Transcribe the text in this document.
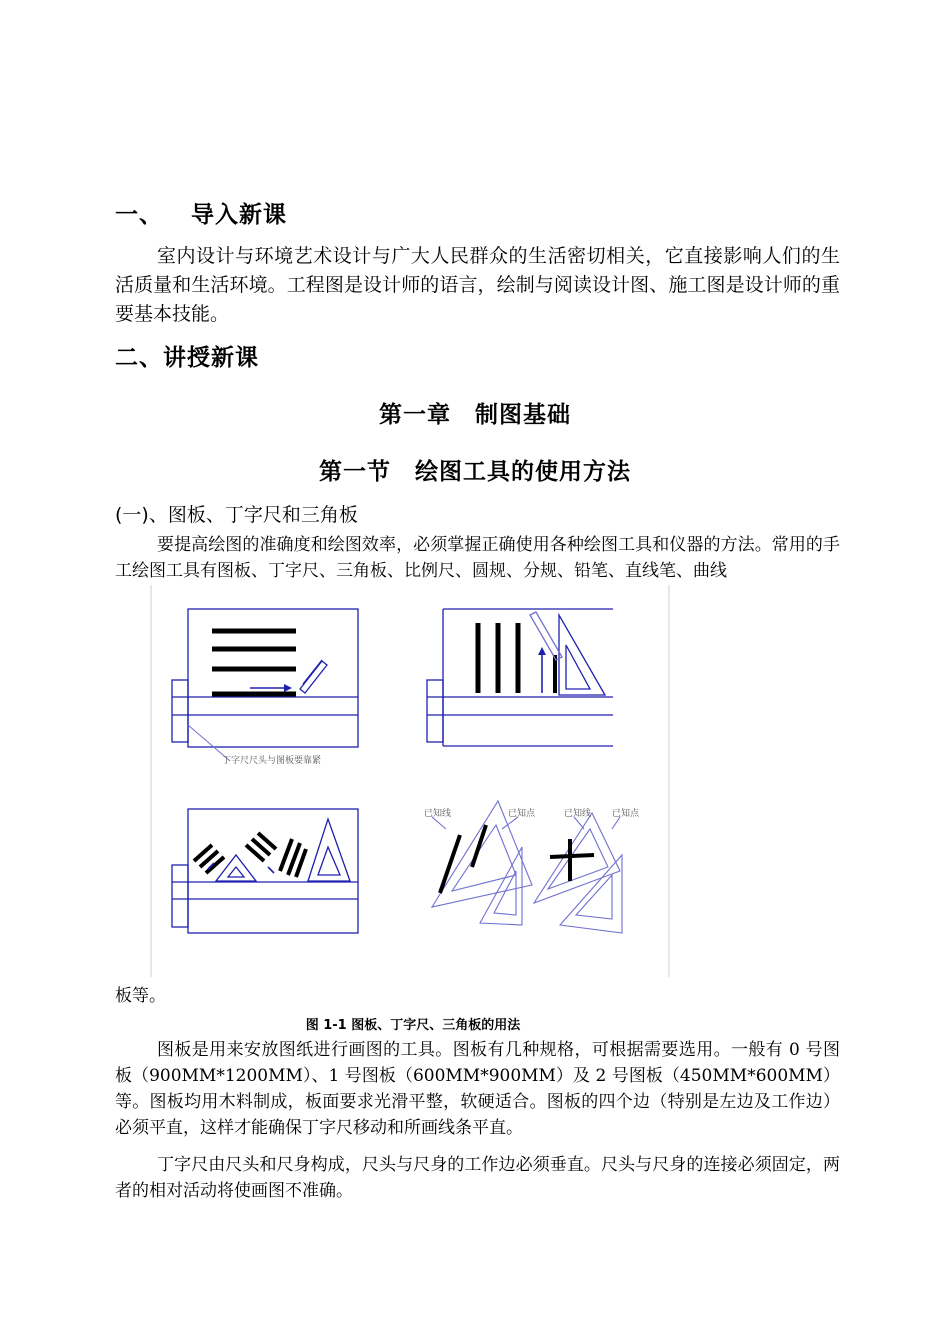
一、 导入新课
室内设计与环境艺术设计与广大人民群众的生活密切相关，它直接影响人们的生活质量和生活环境。工程图是设计师的语言，绘制与阅读设计图、施工图是设计师的重要基本技能。
二、讲授新课
第一章　制图基础
第一节　绘图工具的使用方法
(一)、图板、丁字尺和三角板
要提高绘图的准确度和绘图效率，必须掌握正确使用各种绘图工具和仪器的方法。常用的手工绘图工具有图板、丁字尺、三角板、比例尺、圆规、分规、铅笔、直线笔、曲线
丁字尺尺头与图板要靠紧
已知线	已知点	已知线 已知点
板等。
图 1-1 图板、丁字尺、三角板的用法
图板是用来安放图纸进行画图的工具。图板有几种规格，可根据需要选用。一般有 0 号图板（900MM*1200MM）、1 号图板（600MM*900MM）及 2 号图板（450MM*600MM）等。图板均用木料制成，板面要求光滑平整，软硬适合。图板的四个边（特别是左边及工作边）必须平直，这样才能确保丁字尺移动和所画线条平直。
丁字尺由尺头和尺身构成，尺头与尺身的工作边必须垂直。尺头与尺身的连接必须固定，两者的相对活动将使画图不准确。
